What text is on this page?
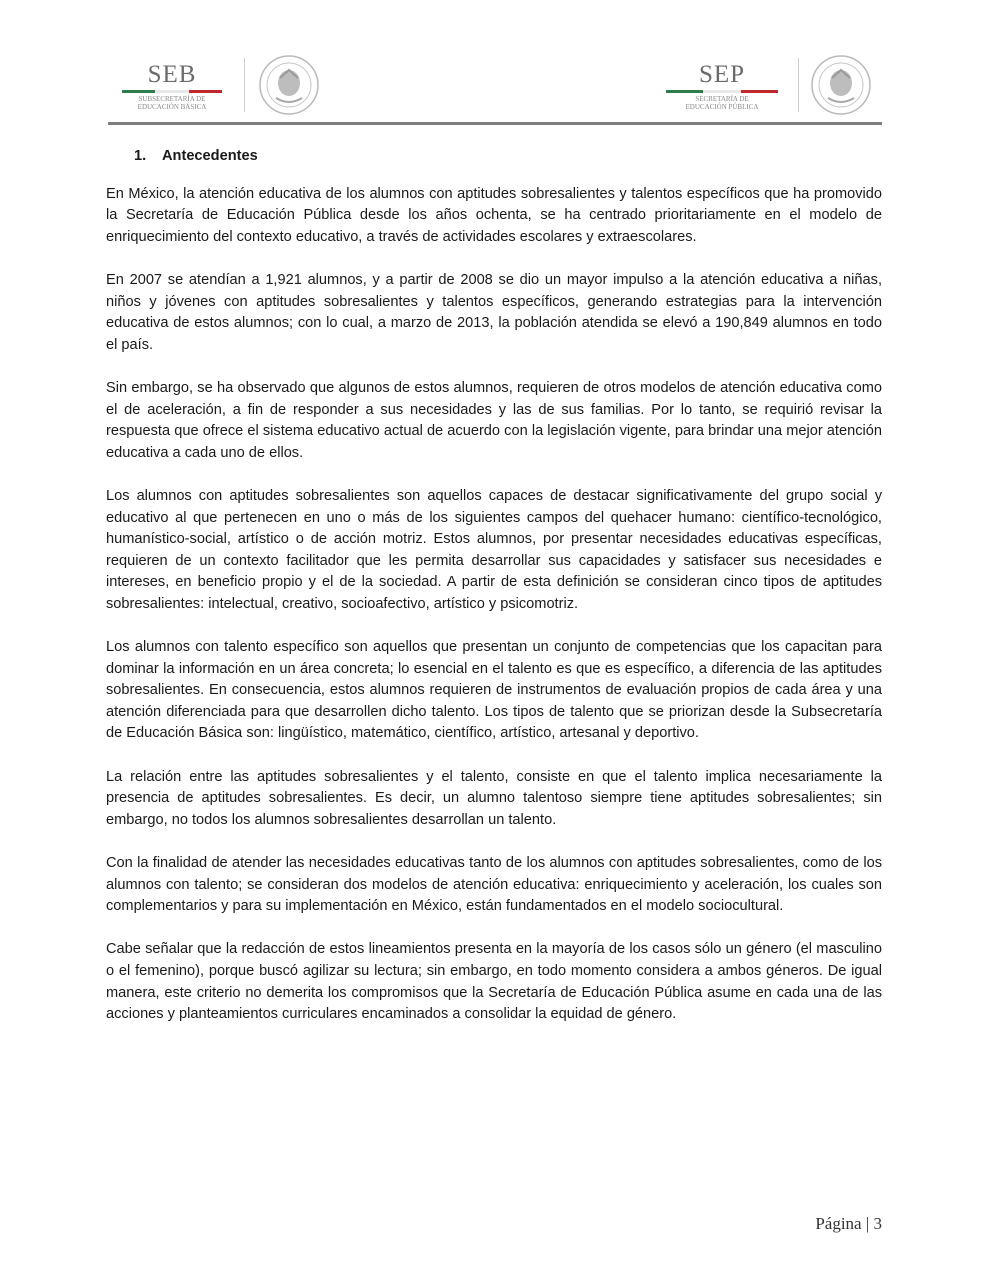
SEB
SUBSECRETARÍA DE
EDUCACIÓN BÁSICA
SEP
SECRETARÍA DE
EDUCACIÓN PÚBLICA
1. Antecedentes

En México, la atención educativa de los alumnos con aptitudes sobresalientes y talentos específicos que ha promovido la Secretaría de Educación Pública desde los años ochenta, se ha centrado prioritariamente en el modelo de enriquecimiento del contexto educativo, a través de actividades escolares y extraescolares.

En 2007 se atendían a 1,921 alumnos, y a partir de 2008 se dio un mayor impulso a la atención educativa a niñas, niños y jóvenes con aptitudes sobresalientes y talentos específicos, generando estrategias para la intervención educativa de estos alumnos; con lo cual, a marzo de 2013, la población atendida se elevó a 190,849 alumnos en todo el país.

Sin embargo, se ha observado que algunos de estos alumnos, requieren de otros modelos de atención educativa como el de aceleración, a fin de responder a sus necesidades y las de sus familias. Por lo tanto, se requirió revisar la respuesta que ofrece el sistema educativo actual de acuerdo con la legislación vigente, para brindar una mejor atención educativa a cada uno de ellos.

Los alumnos con aptitudes sobresalientes son aquellos capaces de destacar significativamente del grupo social y educativo al que pertenecen en uno o más de los siguientes campos del quehacer humano: científico-tecnológico, humanístico-social, artístico o de acción motriz. Estos alumnos, por presentar necesidades educativas específicas, requieren de un contexto facilitador que les permita desarrollar sus capacidades y satisfacer sus necesidades e intereses, en beneficio propio y el de la sociedad. A partir de esta definición se consideran cinco tipos de aptitudes sobresalientes: intelectual, creativo, socioafectivo, artístico y psicomotriz.

Los alumnos con talento específico son aquellos que presentan un conjunto de competencias que los capacitan para dominar la información en un área concreta; lo esencial en el talento es que es específico, a diferencia de las aptitudes sobresalientes. En consecuencia, estos alumnos requieren de instrumentos de evaluación propios de cada área y una atención diferenciada para que desarrollen dicho talento. Los tipos de talento que se priorizan desde la Subsecretaría de Educación Básica son: lingüístico, matemático, científico, artístico, artesanal y deportivo.

La relación entre las aptitudes sobresalientes y el talento, consiste en que el talento implica necesariamente la presencia de aptitudes sobresalientes. Es decir, un alumno talentoso siempre tiene aptitudes sobresalientes; sin embargo, no todos los alumnos sobresalientes desarrollan un talento.

Con la finalidad de atender las necesidades educativas tanto de los alumnos con aptitudes sobresalientes, como de los alumnos con talento; se consideran dos modelos de atención educativa: enriquecimiento y aceleración, los cuales son complementarios y para su implementación en México, están fundamentados en el modelo sociocultural.

Cabe señalar que la redacción de estos lineamientos presenta en la mayoría de los casos sólo un género (el masculino o el femenino), porque buscó agilizar su lectura; sin embargo, en todo momento considera a ambos géneros. De igual manera, este criterio no demerita los compromisos que la Secretaría de Educación Pública asume en cada una de las acciones y planteamientos curriculares encaminados a consolidar la equidad de género.

Página | 3
